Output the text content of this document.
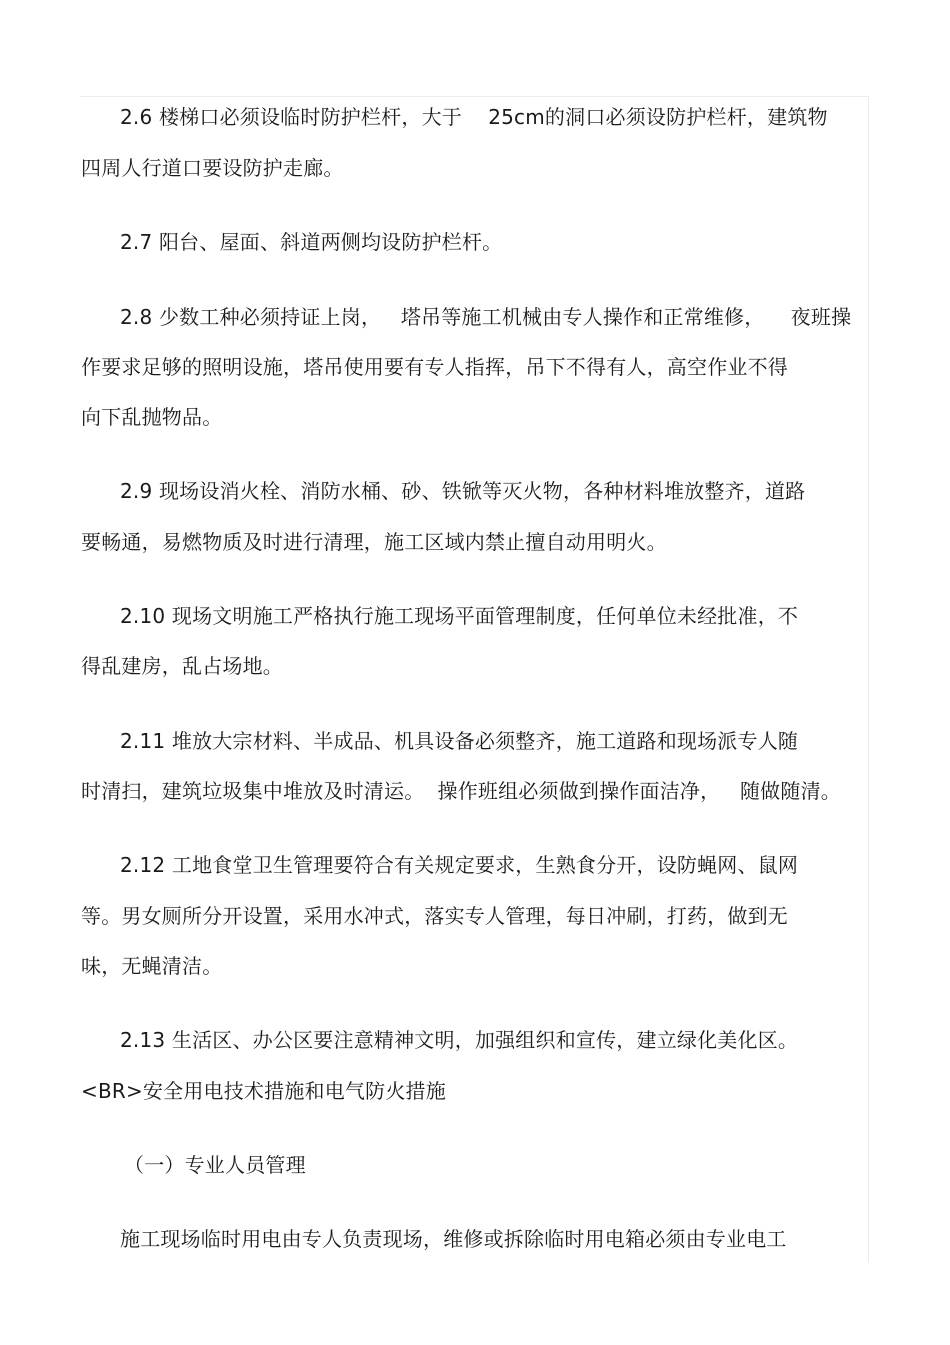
2.6 楼梯口必须设临时防护栏杆，大于    25cm的洞口必须设防护栏杆，建筑物
四周人行道口要设防护走廊。
2.7 阳台、屋面、斜道两侧均设防护栏杆。
2.8 少数工种必须持证上岗，   塔吊等施工机械由专人操作和正常维修，    夜班操
作要求足够的照明设施，塔吊使用要有专人指挥，吊下不得有人，高空作业不得
向下乱抛物品。
2.9 现场设消火栓、消防水桶、砂、铁锨等灭火物，各种材料堆放整齐，道路
要畅通，易燃物质及时进行清理，施工区域内禁止擅自动用明火。
2.10 现场文明施工严格执行施工现场平面管理制度，任何单位未经批准，不
得乱建房，乱占场地。
2.11 堆放大宗材料、半成品、机具设备必须整齐，施工道路和现场派专人随
时清扫，建筑垃圾集中堆放及时清运。  操作班组必须做到操作面洁净，   随做随清。
2.12 工地食堂卫生管理要符合有关规定要求，生熟食分开，设防蝇网、鼠网
等。男女厕所分开设置，采用水冲式，落实专人管理，每日冲刷，打药，做到无
味，无蝇清洁。
2.13 生活区、办公区要注意精神文明，加强组织和宣传，建立绿化美化区。
<BR>安全用电技术措施和电气防火措施
（一）专业人员管理
施工现场临时用电由专人负责现场，维修或拆除临时用电箱必须由专业电工
